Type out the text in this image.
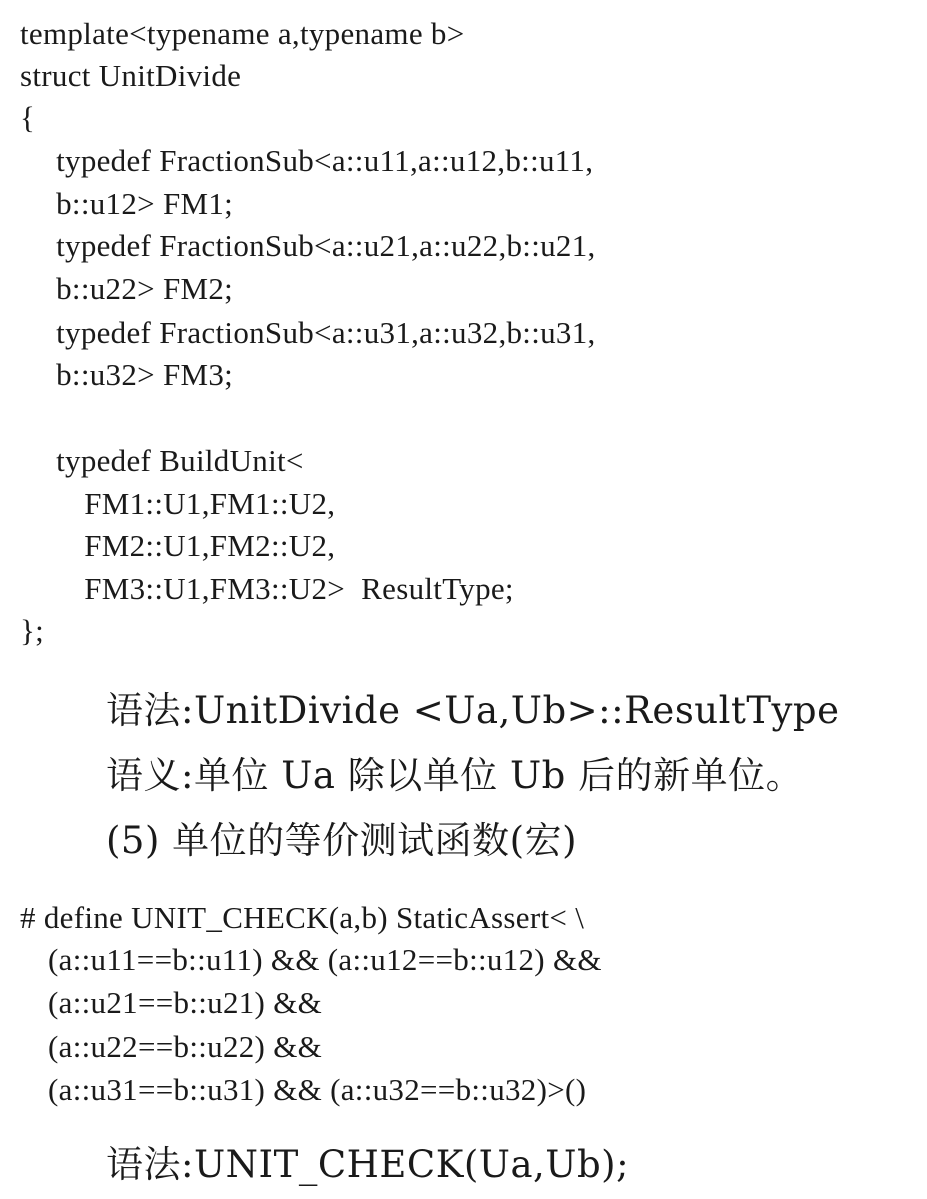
template<typename a,typename b>
struct UnitDivide
{
typedef FractionSub<a::u11,a::u12,b::u11,
b::u12> FM1;
typedef FractionSub<a::u21,a::u22,b::u21,
b::u22> FM2;
typedef FractionSub<a::u31,a::u32,b::u31,
b::u32> FM3;
typedef BuildUnit<
FM1::U1,FM1::U2,
FM2::U1,FM2::U2,
FM3::U1,FM3::U2>  ResultType;
};
语法:UnitDivide <Ua,Ub>::ResultType
语义:单位 Ua 除以单位 Ub 后的新单位。
(5) 单位的等价测试函数(宏)
# define UNIT_CHECK(a,b) StaticAssert< \
(a::u11==b::u11) && (a::u12==b::u12) &&
(a::u21==b::u21) &&
(a::u22==b::u22) &&
(a::u31==b::u31) && (a::u32==b::u32)>()
语法:UNIT_CHECK(Ua,Ub);
